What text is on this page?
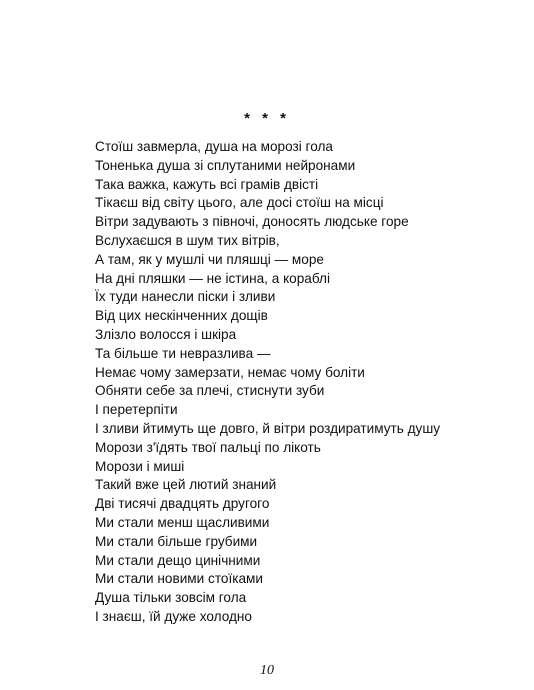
* * *
Стоїш завмерла, душа на морозі гола
Тоненька душа зі сплутаними нейронами
Така важка, кажуть всі грамів двісті
Тікаєш від світу цього, але досі стоїш на місці
Вітри задувають з півночі, доносять людське горе
Вслухаєшся в шум тих вітрів,
А там, як у мушлі чи пляшці — море
На дні пляшки — не істина, а кораблі
Їх туди нанесли піски і зливи
Від цих нескінченних дощів
Злізло волосся і шкіра
Та більше ти невразлива —
Немає чому замерзати, немає чому боліти
Обняти себе за плечі, стиснути зуби
І перетерпіти
І зливи йтимуть ще довго, й вітри роздиратимуть душу
Морози з'їдять твої пальці по лікоть
Морози і миші
Такий вже цей лютий знаний
Дві тисячі двадцять другого
Ми стали менш щасливими
Ми стали більше грубими
Ми стали дещо цинічними
Ми стали новими стоїками
Душа тільки зовсім гола
І знаєш, їй дуже холодно
10
